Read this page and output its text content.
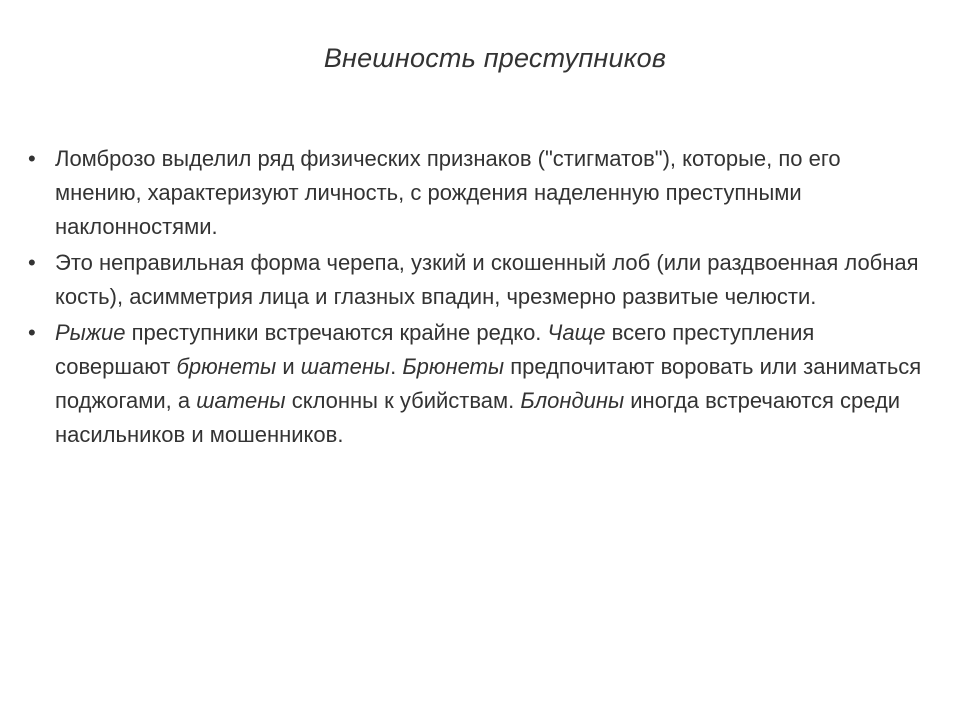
Внешность преступников
• Ломброзо выделил ряд физических признаков ("стигматов"), которые, по его мнению, характеризуют личность, с рождения наделенную преступными наклонностями.
• Это неправильная форма черепа, узкий и скошенный лоб (или раздвоенная лобная кость), асимметрия лица и глазных впадин, чрезмерно развитые челюсти.
• Рыжие преступники встречаются крайне редко. Чаще всего преступления совершают брюнеты и шатены. Брюнеты предпочитают воровать или заниматься поджогами, а шатены склонны к убийствам. Блондины иногда встречаются среди насильников и мошенников.
